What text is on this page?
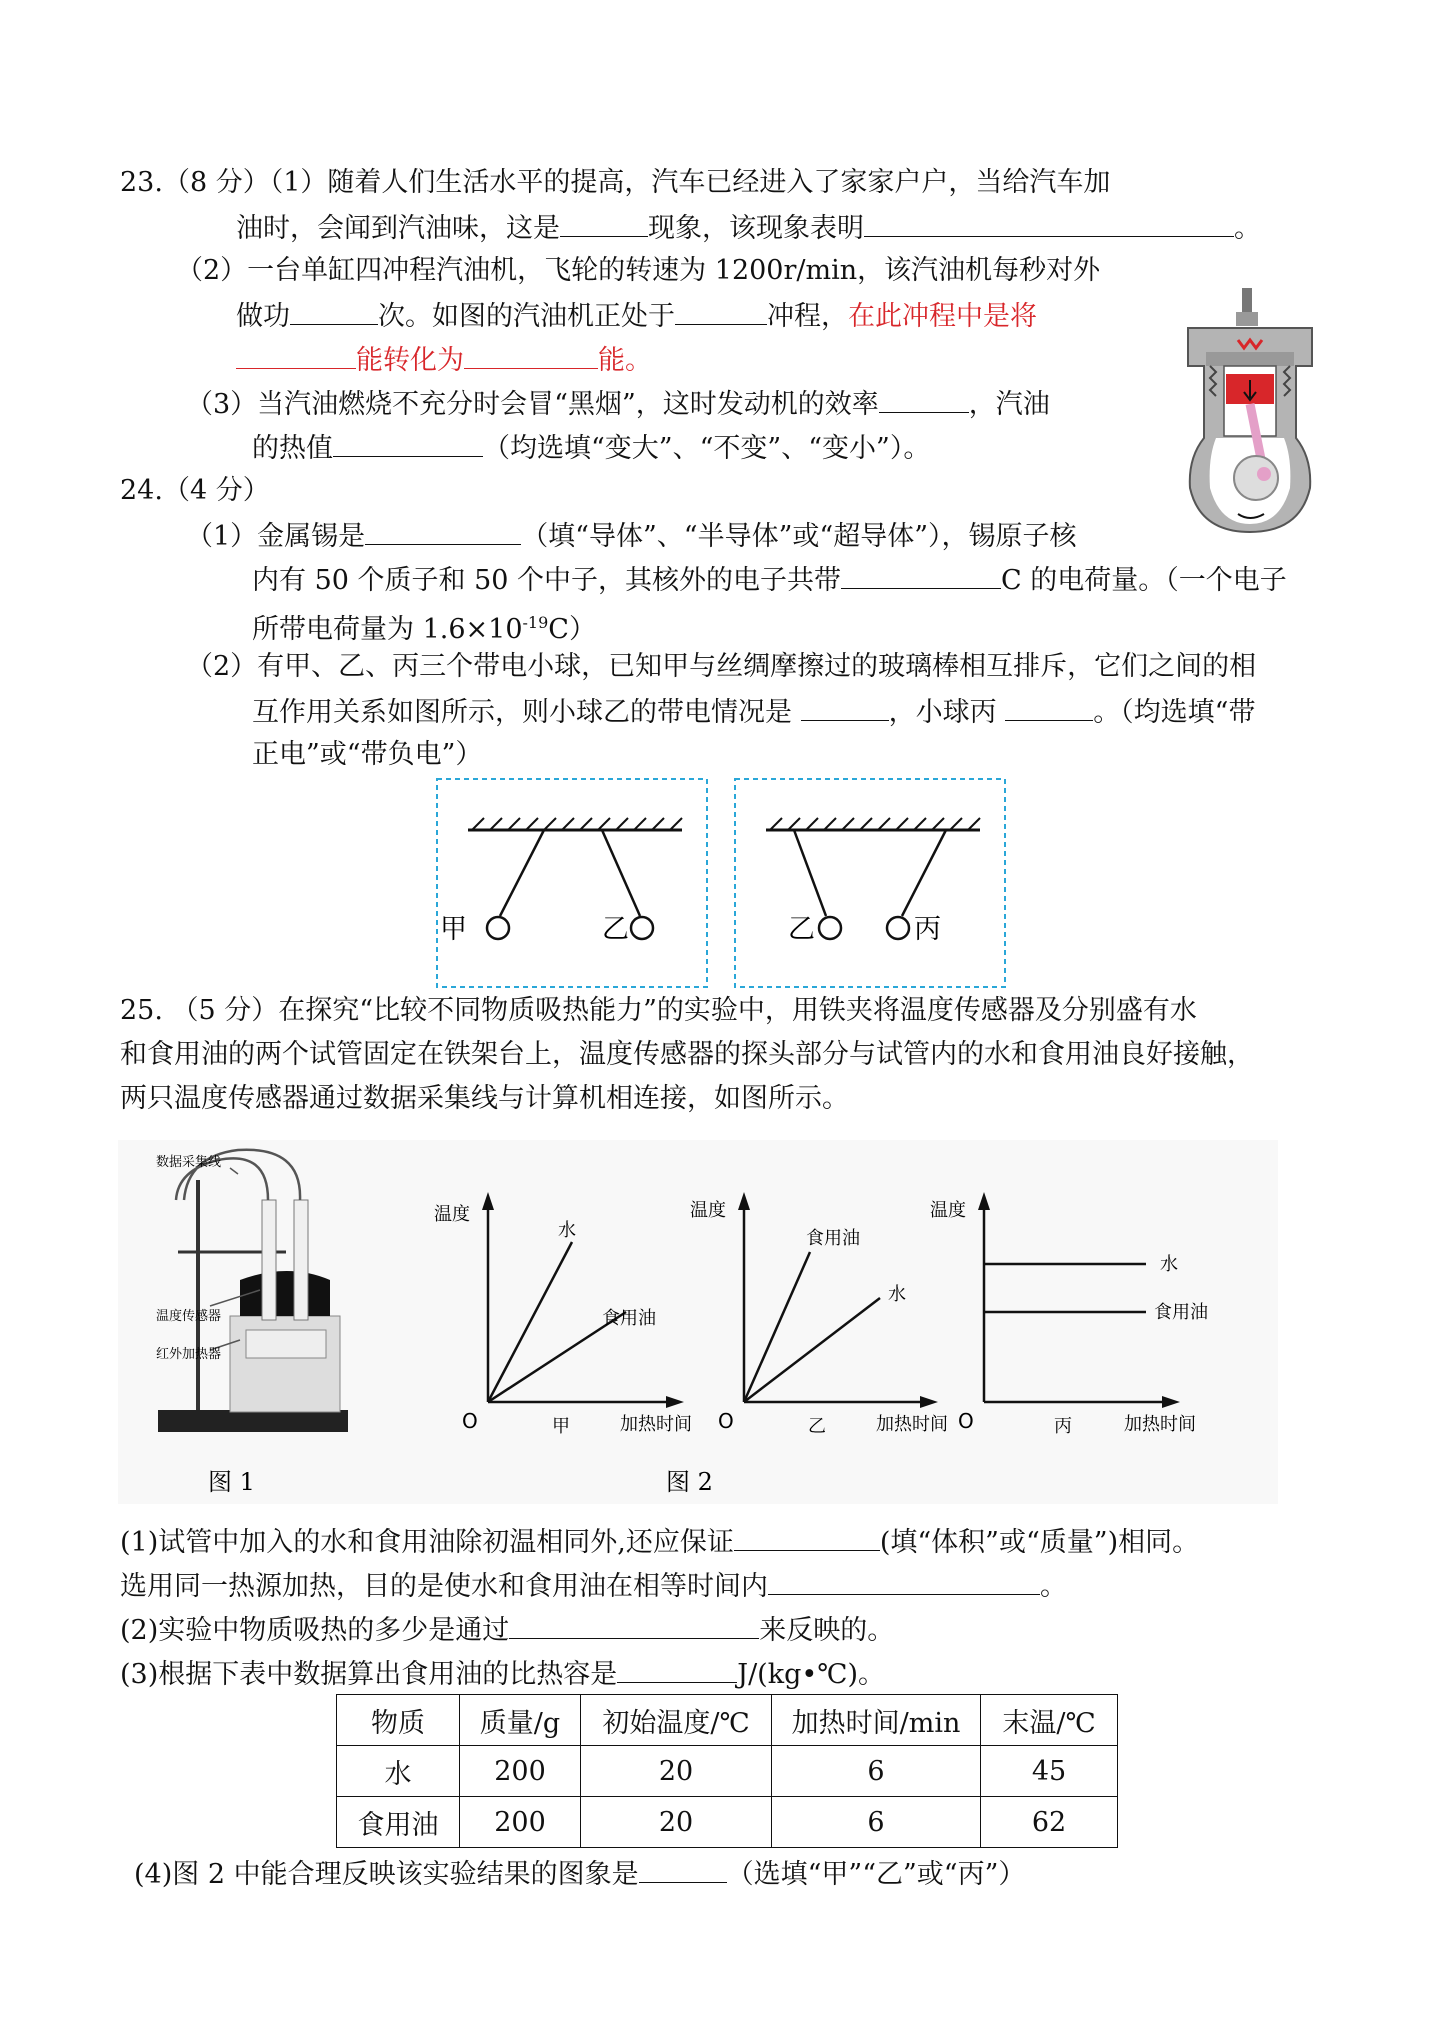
23.（8 分）（1）随着人们生活水平的提高，汽车已经进入了家家户户，当给汽车加
油时，会闻到汽油味，这是	现象，该现象表明	。
（2）一台单缸四冲程汽油机，飞轮的转速为 1200r/min，该汽油机每秒对外
做功	次。如图的汽油机正处于	冲程，在此冲程中是将
能转化为	能。
（3）当汽油燃烧不充分时会冒“黑烟”，这时发动机的效率	，汽油
的热值	（均选填“变大”、“不变”、“变小”）。
24.（4 分）
（1）金属锡是	（填“导体”、“半导体”或“超导体”），锡原子核
内有 50 个质子和 50 个中子，其核外的电子共带	C 的电荷量。（一个电子
所带电荷量为 $1.6\times 10^{-19}C$）
（2）有甲、乙、丙三个带电小球，已知甲与丝绸摩擦过的玻璃棒相互排斥，它们之间的相
互作用关系如图所示，则小球乙的带电情况是	，小球丙	。（均选填“带
正电”或“带负电”）
甲	乙	乙	丙
25. （5 分）在探究“比较不同物质吸热能力”的实验中，用铁夹将温度传感器及分别盛有水
和食用油的两个试管固定在铁架台上，温度传感器的探头部分与试管内的水和食用油良好接触，
两只温度传感器通过数据采集线与计算机相连接，如图所示。
数据采集线
温度传感器
红外加热器
温度
O
水
食用油
甲	加热时间
温度
O
食用油
水
乙	加热时间
温度
O
水
食用油
丙	加热时间
图 1	图 2
(1)试管中加入的水和食用油除初温相同外,还应保证	(填“体积”或“质量”)相同。
选用同一热源加热，目的是使水和食用油在相等时间内	。
(2)实验中物质吸热的多少是通过	来反映的。
(3)根据下表中数据算出食用油的比热容是	J/(kg•℃)。
物质	质量/g	初始温度/℃	加热时间/min	末温/℃
水	200	20	6	45
食用油	200	20	6	62
(4)图 2 中能合理反映该实验结果的图象是	（选填“甲”“乙”或“丙”）
